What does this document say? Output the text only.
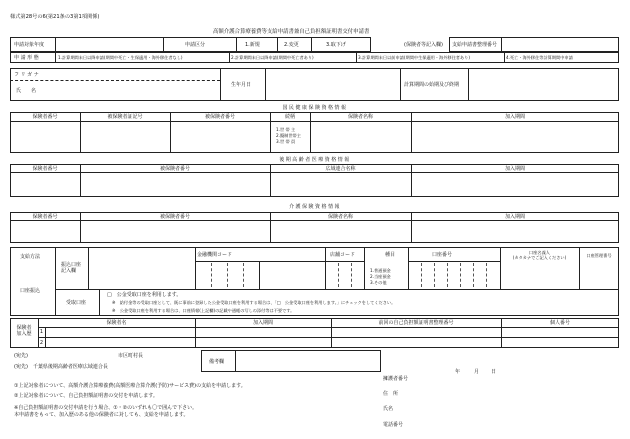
様式第28号の6(第21条の3第1項関係)
高額介護合算療養費等支給申請書兼自己負担額証明書交付申請書
申請対象年度	申請区分	1.新規	2.変更	3.取下げ	(保険者等記入欄) 支給申請書整理番号
申 請 形 態	1.計算期間末日以降申請(期間中死亡・生保適用・海外移住者なし)	2.計算期間末日以降申請(期間中死亡者あり)	3.計算期間末日以前申請(期間中生保適用・海外移住者あり)	4.死亡・海外移住等計算期間中申請
フ リ ガ ナ
氏　　名
生年月日	計算期間の始期及び終期
国民健康保険資格情報
保険者番号	被保険者証記号	被保険者番号	続柄	保険者名称	加入期間
1.世 帯 主
2.擬制世帯主
3.世 帯 員
後期高齢者医療資格情報
保険者番号	被保険者番号	広域連合名称	加入期間
介護保険資格情報
保険者番号	被保険者番号	保険者名称	加入期間
支給方法
口座振込
振込口座
記入欄
金融機関コード	店舗コード	種目
1.普通預金
2.当座預金
3.その他
口座番号	口座名義人
(カタカナでご記入ください)	口座管理番号
受取口座
□　公金受取口座を利用します。
※　給付金等の受取口座として、既に事前に登録した公金受取口座を利用する場合は、「□　公金受取口座を利用します。」にチェックをしてください。
※　公金受取口座を利用する場合は、口座情報(上記欄)の記載や通帳の写しの添付等は不要です。
保険者
加入歴
保険者名	加入期間	前回の自己負担額証明書整理番号	個人番号
1
2
(宛先)	市区町村長
(宛先)　千葉県後期高齢者医療広域連合長
備考欄
年	月 日
擁護者番号
住　所
氏名
電話番号
①上記対象者について、高額介護合算療養費(高額医療合算介護(予防)サービス費)の支給を申請します。
②上記対象者について、自己負担額証明書の交付を申請します。
※自己負担額証明書の交付申請を行う場合、①・②のいずれも〇で囲んで下さい。
本申請書をもって、加入歴のある他の保険者に対しても、支給を申請します。
